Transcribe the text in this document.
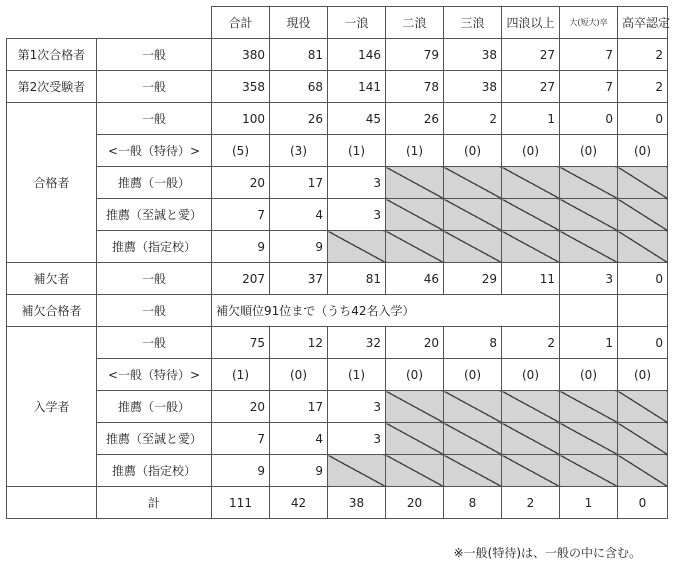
		合計	現役	一浪	二浪	三浪	四浪以上	大(短大)卒	高卒認定
第1次合格者	一般	380	81	146	79	38	27	7	2
第2次受験者	一般	358	68	141	78	38	27	7	2
合格者	一般	100	26	45	26	2	1	0	0
	<一般（特待）>	(5)	(3)	(1)	(1)	(0)	(0)	(0)	(0)
	推薦（一般）	20	17	3					
	推薦（至誠と愛）	7	4	3					
	推薦（指定校）	9	9						
補欠者	一般	207	37	81	46	29	11	3	0
補欠合格者	一般	補欠順位91位まで（うち42名入学）							
入学者	一般	75	12	32	20	8	2	1	0
	<一般（特待）>	(1)	(0)	(1)	(0)	(0)	(0)	(0)	(0)
	推薦（一般）	20	17	3					
	推薦（至誠と愛）	7	4	3					
	推薦（指定校）	9	9						
	計	111	42	38	20	8	2	1	0
※一般(特待)は、一般の中に含む。
